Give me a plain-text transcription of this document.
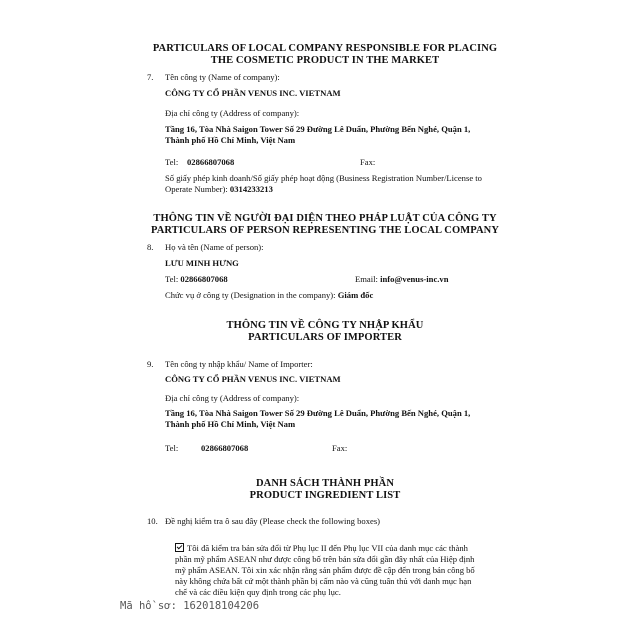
PARTICULARS OF LOCAL COMPANY RESPONSIBLE FOR PLACING
THE COSMETIC PRODUCT IN THE MARKET
7. Tên công ty (Name of company):
CÔNG TY CỔ PHẦN VENUS INC. VIETNAM
Địa chỉ công ty (Address of company):
Tầng 16, Tòa Nhà Saigon Tower Số 29 Đường Lê Duẩn, Phường Bến Nghé, Quận 1,
Thành phố Hồ Chí Minh, Việt Nam
Tel: 02866807068	Fax:
Số giấy phép kinh doanh/Số giấy phép hoạt động (Business Registration Number/License to
Operate Number): 0314233213
THÔNG TIN VỀ NGƯỜI ĐẠI DIỆN THEO PHÁP LUẬT CỦA CÔNG TY
PARTICULARS OF PERSON REPRESENTING THE LOCAL COMPANY
8. Họ và tên (Name of person):
LƯU MINH HƯNG
Tel: 02866807068	Email: info@venus-inc.vn
Chức vụ ở công ty (Designation in the company): Giám đốc
THÔNG TIN VỀ CÔNG TY NHẬP KHẨU
PARTICULARS OF IMPORTER
9. Tên công ty nhập khẩu/ Name of Importer:
CÔNG TY CỔ PHẦN VENUS INC. VIETNAM
Địa chỉ công ty (Address of company):
Tầng 16, Tòa Nhà Saigon Tower Số 29 Đường Lê Duẩn, Phường Bến Nghé, Quận 1,
Thành phố Hồ Chí Minh, Việt Nam
Tel:	02866807068	Fax:
DANH SÁCH THÀNH PHẦN
PRODUCT INGREDIENT LIST
10. Đề nghị kiểm tra ô sau đây (Please check the following boxes)
Tôi đã kiểm tra bản sửa đổi từ Phụ lục II đến Phụ lục VII của danh mục các thành
phần mỹ phẩm ASEAN như được công bố trên bản sửa đổi gần đây nhất của Hiệp định
mỹ phẩm ASEAN. Tôi xin xác nhận rằng sản phẩm được đề cập đến trong bản công bố
này không chứa bất cứ một thành phần bị cấm nào và cũng tuân thủ với danh mục hạn
chế và các điều kiện quy định trong các phụ lục.
Mã hồ sơ: 162018104206
